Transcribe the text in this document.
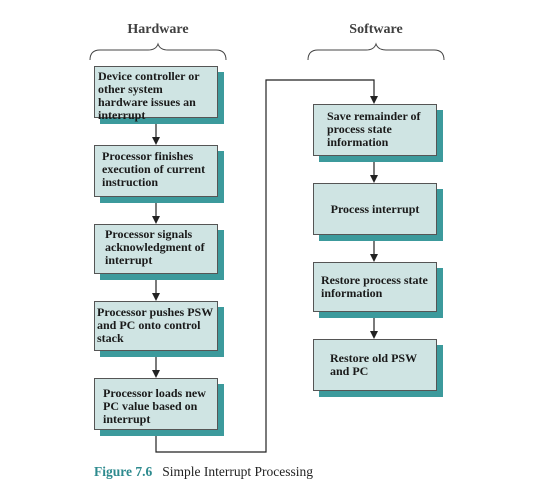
Hardware	Software
Device controller or other system hardware issues an interrupt
Processor finishes execution of current instruction
Processor signals acknowledgment of interrupt
Processor pushes PSW and PC onto control stack
Processor loads new PC value based on interrupt
Save remainder of process state information
Process interrupt
Restore process state information
Restore old PSW and PC
Figure 7.6 Simple Interrupt Processing
